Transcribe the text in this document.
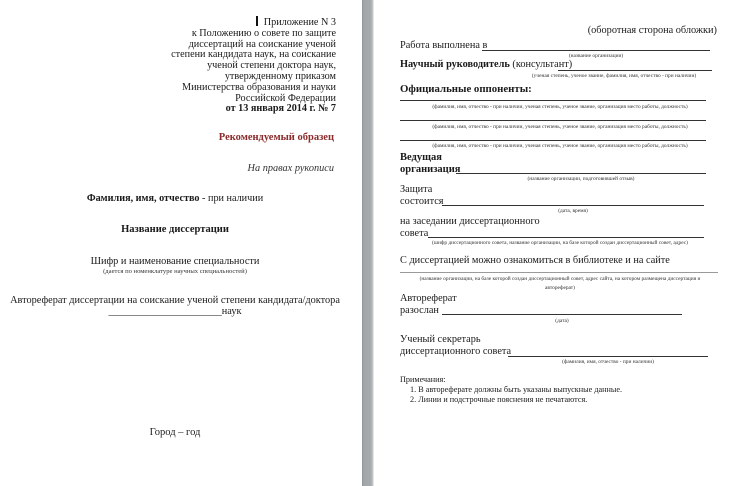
Приложение N 3
к Положению о совете по защите
диссертаций на соискание ученой
степени кандидата наук, на соискание
ученой степени доктора наук,
утвержденному приказом
Министерства образования и науки
Российской Федерации
от 13 января 2014 г. № 7
Рекомендуемый образец
На правах рукописи
Фамилия, имя, отчество - при наличии
Название диссертации
Шифр и наименование специальности
(дается по номенклатуре научных специальностей)
Автореферат диссертации на соискание ученой степени кандидата/доктора
______________________наук
Город – год
(оборотная сторона обложки)
Работа выполнена в
(название организации)
Научный руководитель (консультант)
(ученая степень, ученое звание, фамилия, имя, отчество - при наличии)
Официальные оппоненты:
(фамилия, имя, отчество - при наличии, ученая степень, ученое звание, организация место работы, должность)
(фамилия, имя, отчество - при наличии, ученая степень, ученое звание, организация место работы, должность)
(фамилия, имя, отчество - при наличии, ученая степень, ученое звание, организация место работы, должность)
Ведущая
организация
(название организации, подготовившей отзыв)
Защита
состоится
(дата, время)
на заседании диссертационного
совета
(шифр диссертационного совета, название организации, на базе которой создан диссертационный совет, адрес)
С диссертацией можно ознакомиться в библиотеке и на сайте
(название организации, на базе которой создан диссертационный совет, адрес сайта, на котором размещена диссертация и
автореферат)
Автореферат
разослан
(дата)
Ученый секретарь
диссертационного совета
(фамилия, имя, отчество - при наличии)
Примечания:
1. В автореферате должны быть указаны выпускные данные.
2. Линии и подстрочные пояснения не печатаются.
